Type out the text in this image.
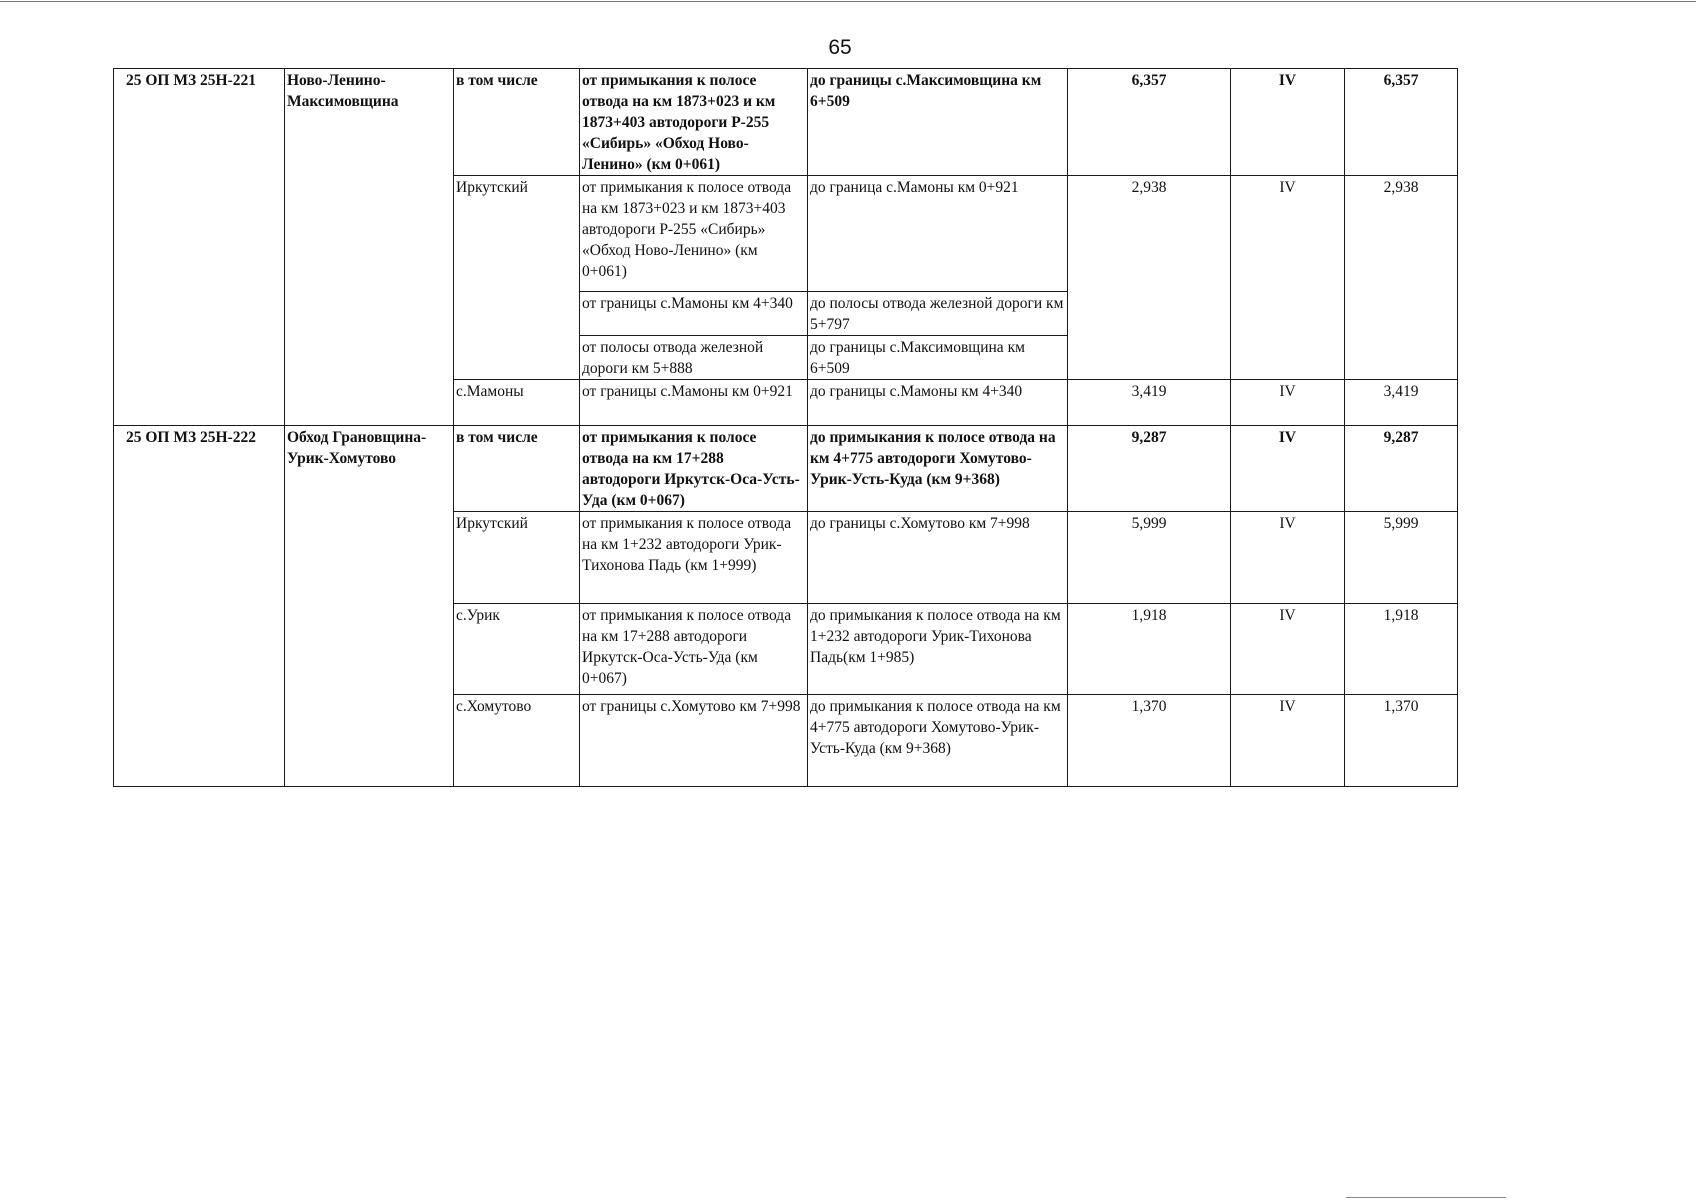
65
25 ОП МЗ 25Н-221	Ново-Ленино-Максимовщина	в том числе	от примыкания к полосе отвода на км 1873+023 и км 1873+403 автодороги Р-255 «Сибирь» «Обход Ново-Ленино» (км 0+061)	до границы с.Максимовщина км 6+509	6,357	IV	6,357
		Иркутский	от примыкания к полосе отвода на км 1873+023 и км 1873+403 автодороги Р-255 «Сибирь» «Обход Ново-Ленино» (км 0+061)	до граница с.Мамоны км 0+921	2,938	IV	2,938
			от границы с.Мамоны км 4+340	до полосы отвода железной дороги км 5+797			
			от полосы отвода железной дороги км 5+888	до границы с.Максимовщина км 6+509			
		с.Мамоны	от границы с.Мамоны км 0+921	до границы с.Мамоны км 4+340	3,419	IV	3,419

25 ОП МЗ 25Н-222	Обход Грановщина-Урик-Хомутово	в том числе	от примыкания к полосе отвода на км 17+288 автодороги Иркутск-Оса-Усть-Уда (км 0+067)	до примыкания к полосе отвода на км 4+775 автодороги Хомутово-Урик-Усть-Куда (км 9+368)	9,287	IV	9,287
		Иркутский	от примыкания к полосе отвода на км 1+232 автодороги Урик-Тихонова Падь (км 1+999)	до границы с.Хомутово км 7+998	5,999	IV	5,999
		с.Урик	от примыкания к полосе отвода на км 17+288 автодороги Иркутск-Оса-Усть-Уда (км 0+067)	до примыкания к полосе отвода на км 1+232 автодороги Урик-Тихонова Падь(км 1+985)	1,918	IV	1,918
		с.Хомутово	от границы с.Хомутово км 7+998	до примыкания к полосе отвода на км 4+775 автодороги Хомутово-Урик-Усть-Куда (км 9+368)	1,370	IV	1,370
